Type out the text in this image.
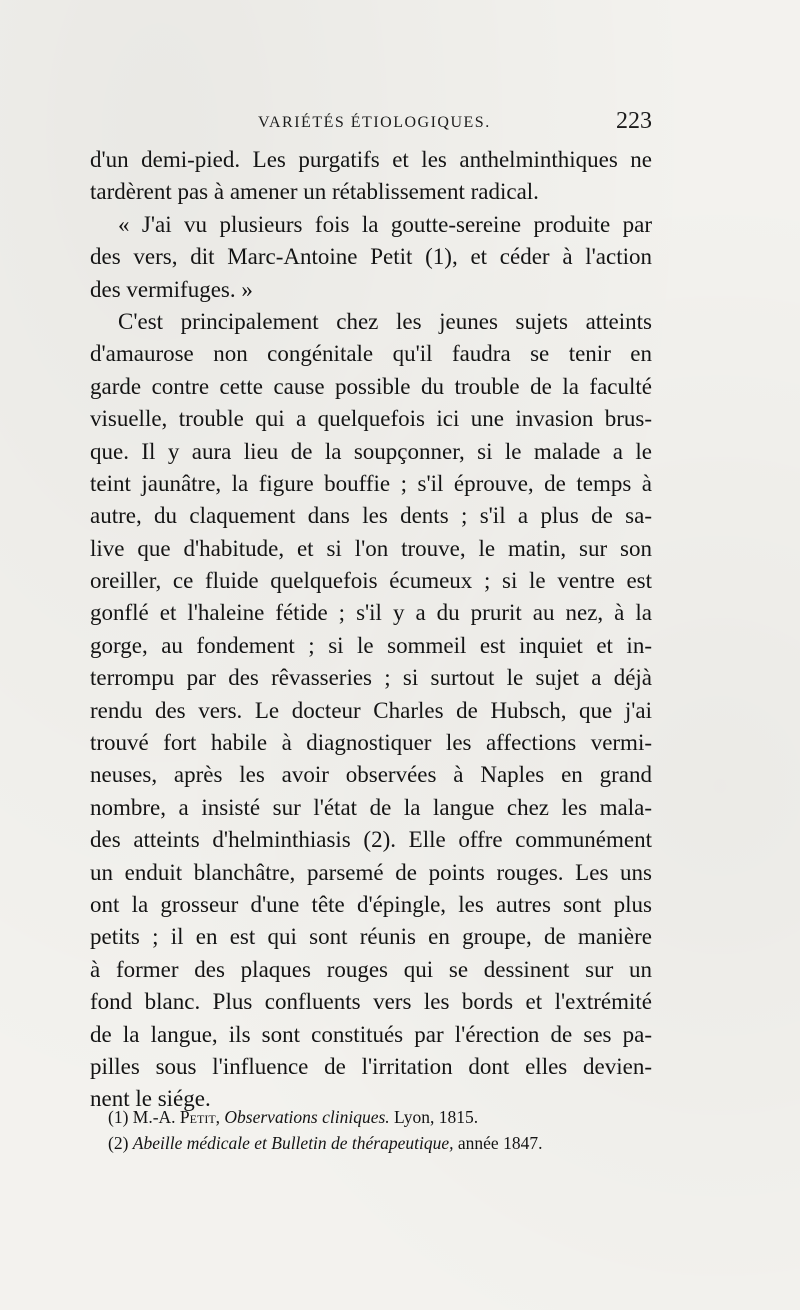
VARIÉTÉS ÉTIOLOGIQUES.	223
d'un demi-pied. Les purgatifs et les anthelminthiques ne
tardèrent pas à amener un rétablissement radical.
« J'ai vu plusieurs fois la goutte-sereine produite par
des vers, dit Marc-Antoine Petit (1), et céder à l'action
des vermifuges. »
C'est principalement chez les jeunes sujets atteints
d'amaurose non congénitale qu'il faudra se tenir en
garde contre cette cause possible du trouble de la faculté
visuelle, trouble qui a quelquefois ici une invasion brus-
que. Il y aura lieu de la soupçonner, si le malade a le
teint jaunâtre, la figure bouffie ; s'il éprouve, de temps à
autre, du claquement dans les dents ; s'il a plus de sa-
live que d'habitude, et si l'on trouve, le matin, sur son
oreiller, ce fluide quelquefois écumeux ; si le ventre est
gonflé et l'haleine fétide ; s'il y a du prurit au nez, à la
gorge, au fondement ; si le sommeil est inquiet et in-
terrompu par des rêvasseries ; si surtout le sujet a déjà
rendu des vers. Le docteur Charles de Hubsch, que j'ai
trouvé fort habile à diagnostiquer les affections vermi-
neuses, après les avoir observées à Naples en grand
nombre, a insisté sur l'état de la langue chez les mala-
des atteints d'helminthiasis (2). Elle offre communément
un enduit blanchâtre, parsemé de points rouges. Les uns
ont la grosseur d'une tête d'épingle, les autres sont plus
petits ; il en est qui sont réunis en groupe, de manière
à former des plaques rouges qui se dessinent sur un
fond blanc. Plus confluents vers les bords et l'extrémité
de la langue, ils sont constitués par l'érection de ses pa-
pilles sous l'influence de l'irritation dont elles devien-
nent le siége.
(1) M.-A. Petit, Observations cliniques. Lyon, 1815.
(2) Abeille médicale et Bulletin de thérapeutique, année 1847.
